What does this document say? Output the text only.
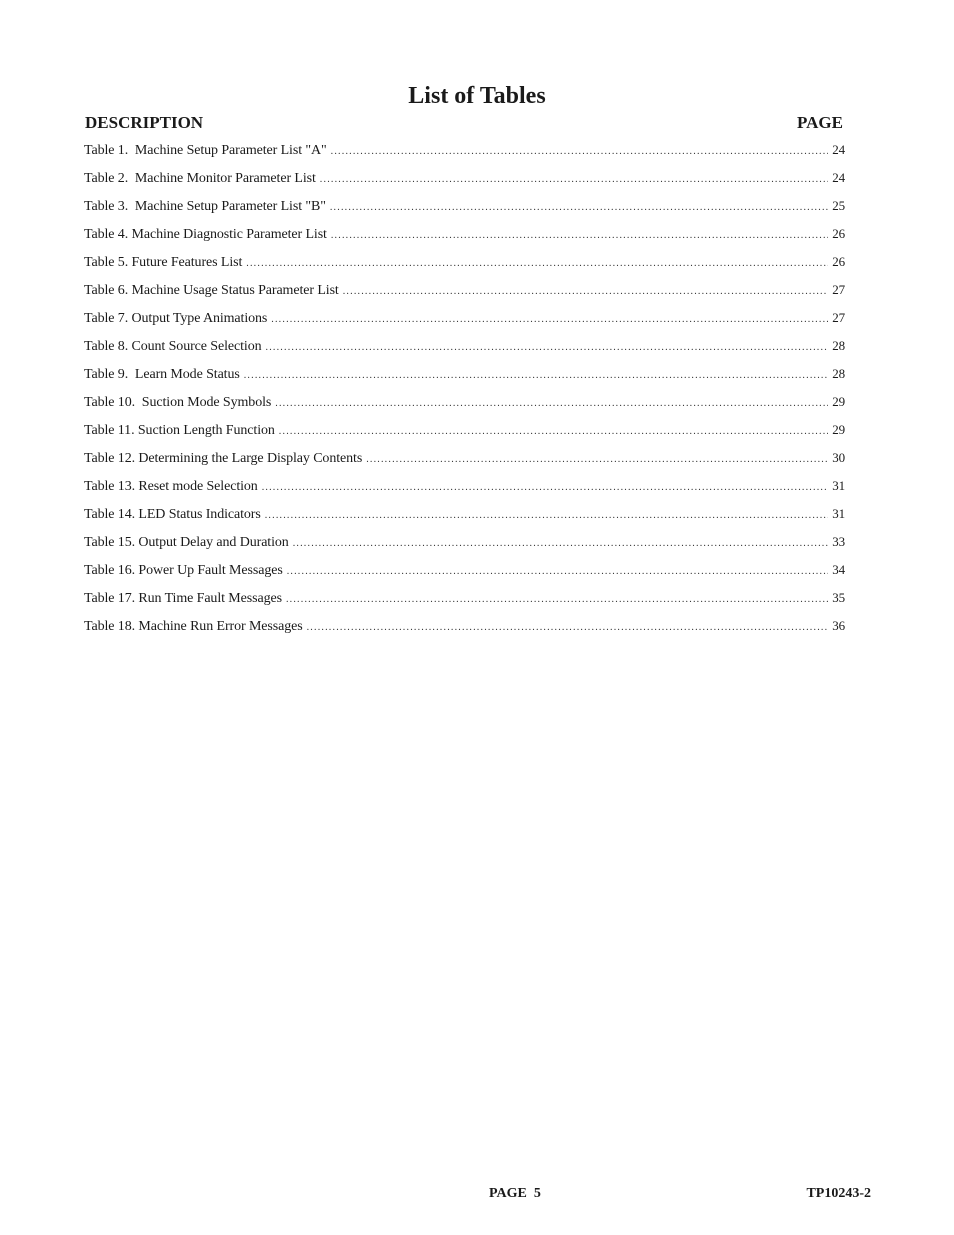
List of Tables
DESCRIPTION	PAGE
Table 1.  Machine Setup Parameter List "A" .....	24
Table 2.  Machine Monitor Parameter List .....	24
Table 3.  Machine Setup Parameter List "B" .....	25
Table 4. Machine Diagnostic Parameter List .....	26
Table 5. Future Features List .....	26
Table 6. Machine Usage Status Parameter List .....	27
Table 7. Output Type Animations .....	27
Table 8. Count Source Selection .....	28
Table 9.  Learn Mode Status .....	28
Table 10.  Suction Mode Symbols .....	29
Table 11. Suction Length Function .....	29
Table 12. Determining the Large Display Contents .....	30
Table 13. Reset mode Selection .....	31
Table 14. LED Status Indicators .....	31
Table 15. Output Delay and Duration .....	33
Table 16. Power Up Fault Messages .....	34
Table 17. Run Time Fault Messages .....	35
Table 18. Machine Run Error Messages .....	36
PAGE  5	TP10243-2
